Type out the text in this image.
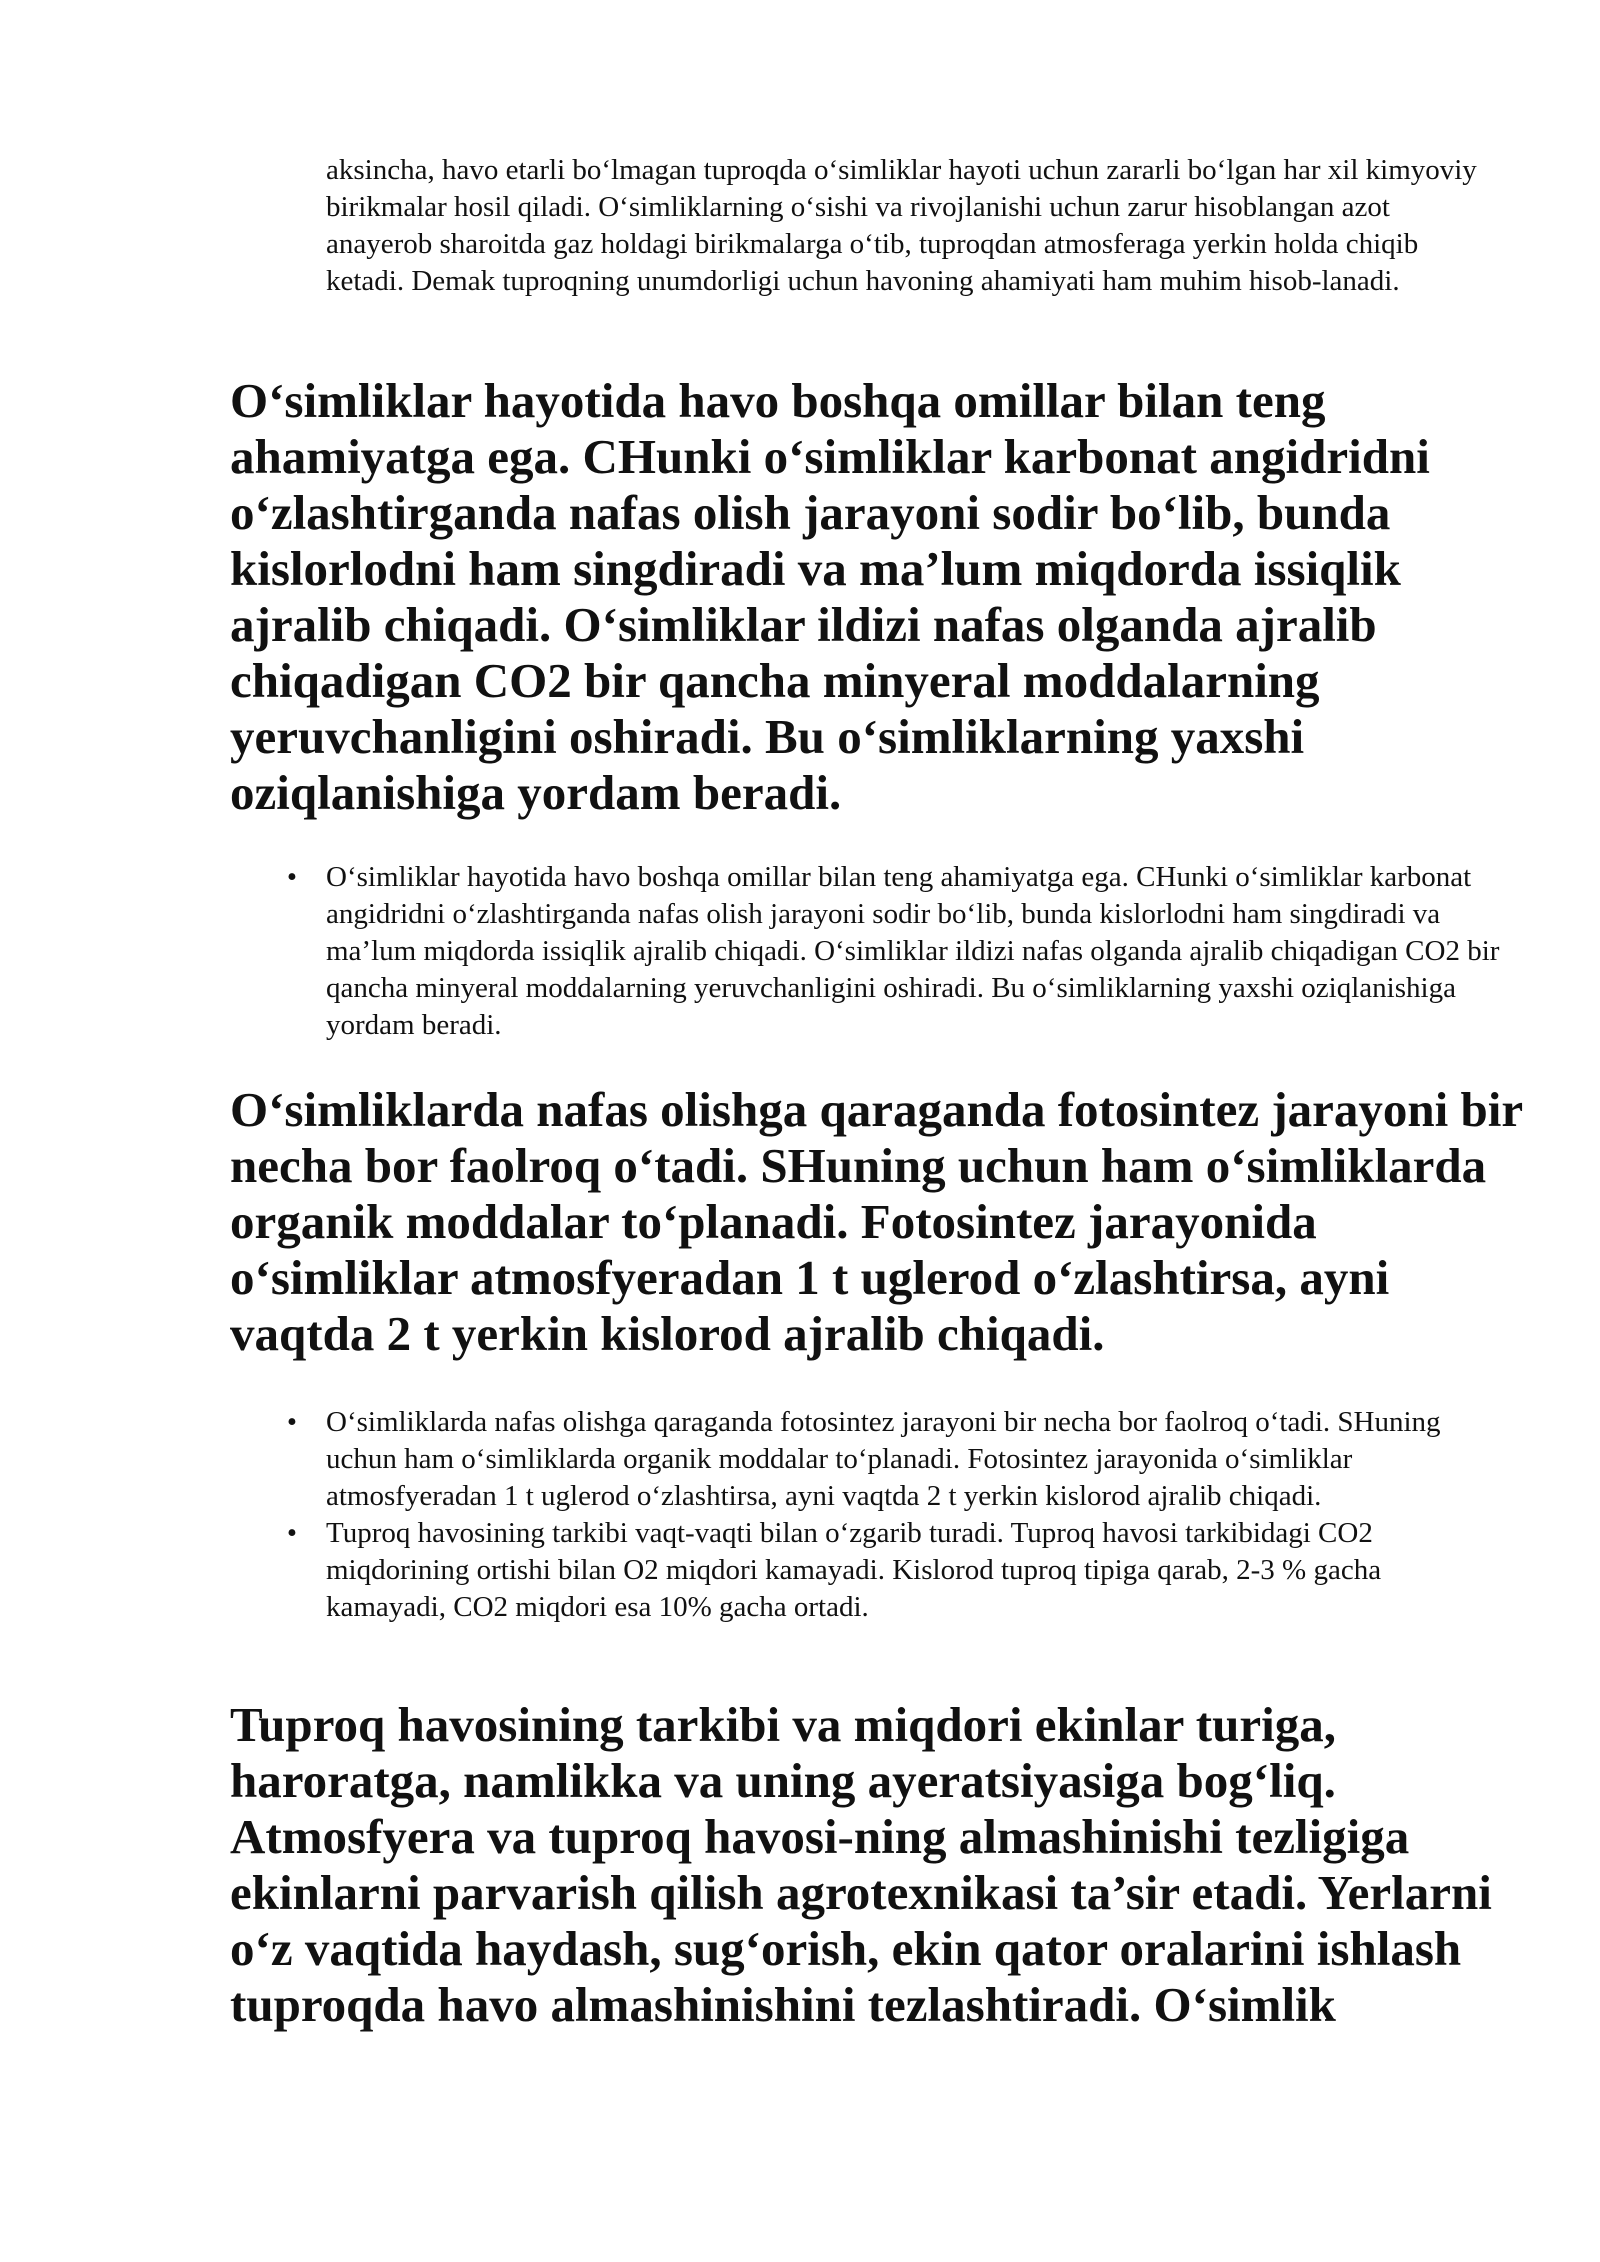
aksincha, havo etarli bo‘lmagan tuproqda o‘simliklar hayoti uchun zararli bo‘lgan har xil kimyoviy birikmalar hosil qiladi. O‘simliklarning o‘sishi va rivojlanishi uchun zarur hisoblangan azot anayerob sharoitda gaz holdagi birikmalarga o‘tib, tuproqdan atmosferaga yerkin holda chiqib ketadi. Demak tuproqning unumdorligi uchun havoning ahamiyati ham muhim hisob-lanadi.

O‘simliklar hayotida havo boshqa omillar bilan teng ahamiyatga ega. CHunki o‘simliklar karbonat angidridni o‘zlashtirganda nafas olish jarayoni sodir bo‘lib, bunda kislorlodni ham singdiradi va ma’lum miqdorda issiqlik ajralib chiqadi. O‘simliklar ildizi nafas olganda ajralib chiqadigan CO2 bir qancha minyeral moddalarning yeruvchanligini oshiradi. Bu o‘simliklarning yaxshi oziqlanishiga yordam beradi.

• O‘simliklar hayotida havo boshqa omillar bilan teng ahamiyatga ega. CHunki o‘simliklar karbonat angidridni o‘zlashtirganda nafas olish jarayoni sodir bo‘lib, bunda kislorlodni ham singdiradi va ma’lum miqdorda issiqlik ajralib chiqadi. O‘simliklar ildizi nafas olganda ajralib chiqadigan CO2 bir qancha minyeral moddalarning yeruvchanligini oshiradi. Bu o‘simliklarning yaxshi oziqlanishiga yordam beradi.

O‘simliklarda nafas olishga qaraganda fotosintez jarayoni bir necha bor faolroq o‘tadi. SHuning uchun ham o‘simliklarda organik moddalar to‘planadi. Fotosintez jarayonida o‘simliklar atmosfyeradan 1 t uglerod o‘zlashtirsa, ayni vaqtda 2 t yerkin kislorod ajralib chiqadi.

• O‘simliklarda nafas olishga qaraganda fotosintez jarayoni bir necha bor faolroq o‘tadi. SHuning uchun ham o‘simliklarda organik moddalar to‘planadi. Fotosintez jarayonida o‘simliklar atmosfyeradan 1 t uglerod o‘zlashtirsa, ayni vaqtda 2 t yerkin kislorod ajralib chiqadi.
• Tuproq havosining tarkibi vaqt-vaqti bilan o‘zgarib turadi. Tuproq havosi tarkibidagi CO2 miqdorining ortishi bilan O2 miqdori kamayadi. Kislorod tuproq tipiga qarab, 2-3 % gacha kamayadi, CO2 miqdori esa 10% gacha ortadi.

Tuproq havosining tarkibi va miqdori ekinlar turiga, haroratga, namlikka va uning ayeratsiyasiga bog‘liq. Atmosfyera va tuproq havosi-ning almashinishi tezligiga ekinlarni parvarish qilish agrotexnikasi ta’sir etadi. Yerlarni o‘z vaqtida haydash, sug‘orish, ekin qator oralarini ishlash tuproqda havo almashinishini tezlashtiradi. O‘simlik
